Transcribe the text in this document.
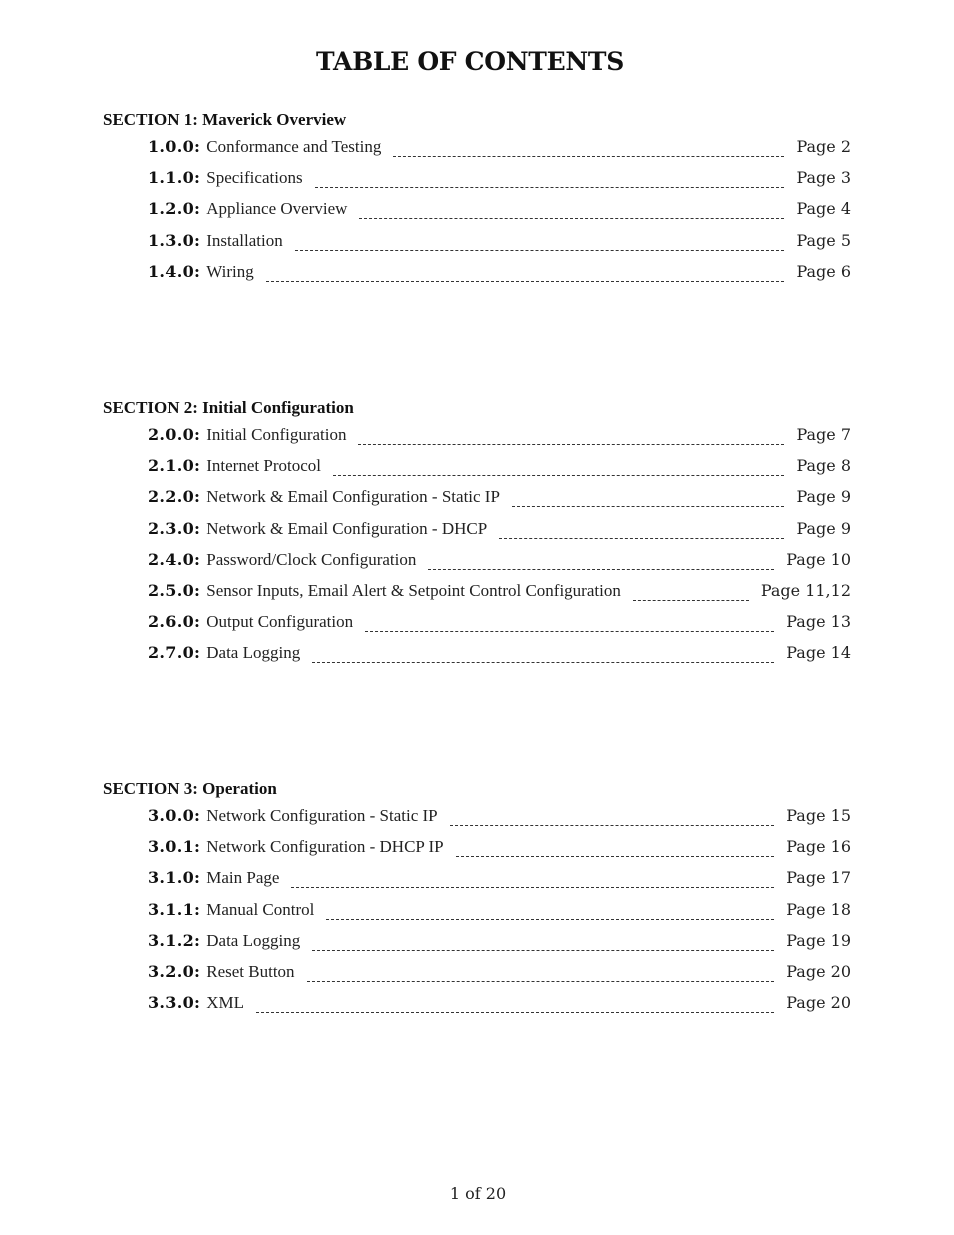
TABLE OF CONTENTS
SECTION 1: Maverick Overview
1.0.0: Conformance and Testing	Page 2
1.1.0: Specifications	Page 3
1.2.0: Appliance Overview	Page 4
1.3.0: Installation	Page 5
1.4.0: Wiring	Page 6
SECTION 2: Initial Configuration
2.0.0: Initial Configuration	Page 7
2.1.0: Internet Protocol	Page 8
2.2.0: Network & Email Configuration - Static IP	Page 9
2.3.0: Network & Email Configuration - DHCP	Page 9
2.4.0: Password/Clock Configuration	Page 10
2.5.0: Sensor Inputs, Email Alert & Setpoint Control Configuration	Page 11,12
2.6.0: Output Configuration	Page 13
2.7.0: Data Logging	Page 14
SECTION 3: Operation
3.0.0: Network Configuration - Static IP	Page 15
3.0.1: Network Configuration - DHCP IP	Page 16
3.1.0: Main Page	Page 17
3.1.1: Manual Control	Page 18
3.1.2: Data Logging	Page 19
3.2.0: Reset Button	Page 20
3.3.0: XML	Page 20
1 of 20
